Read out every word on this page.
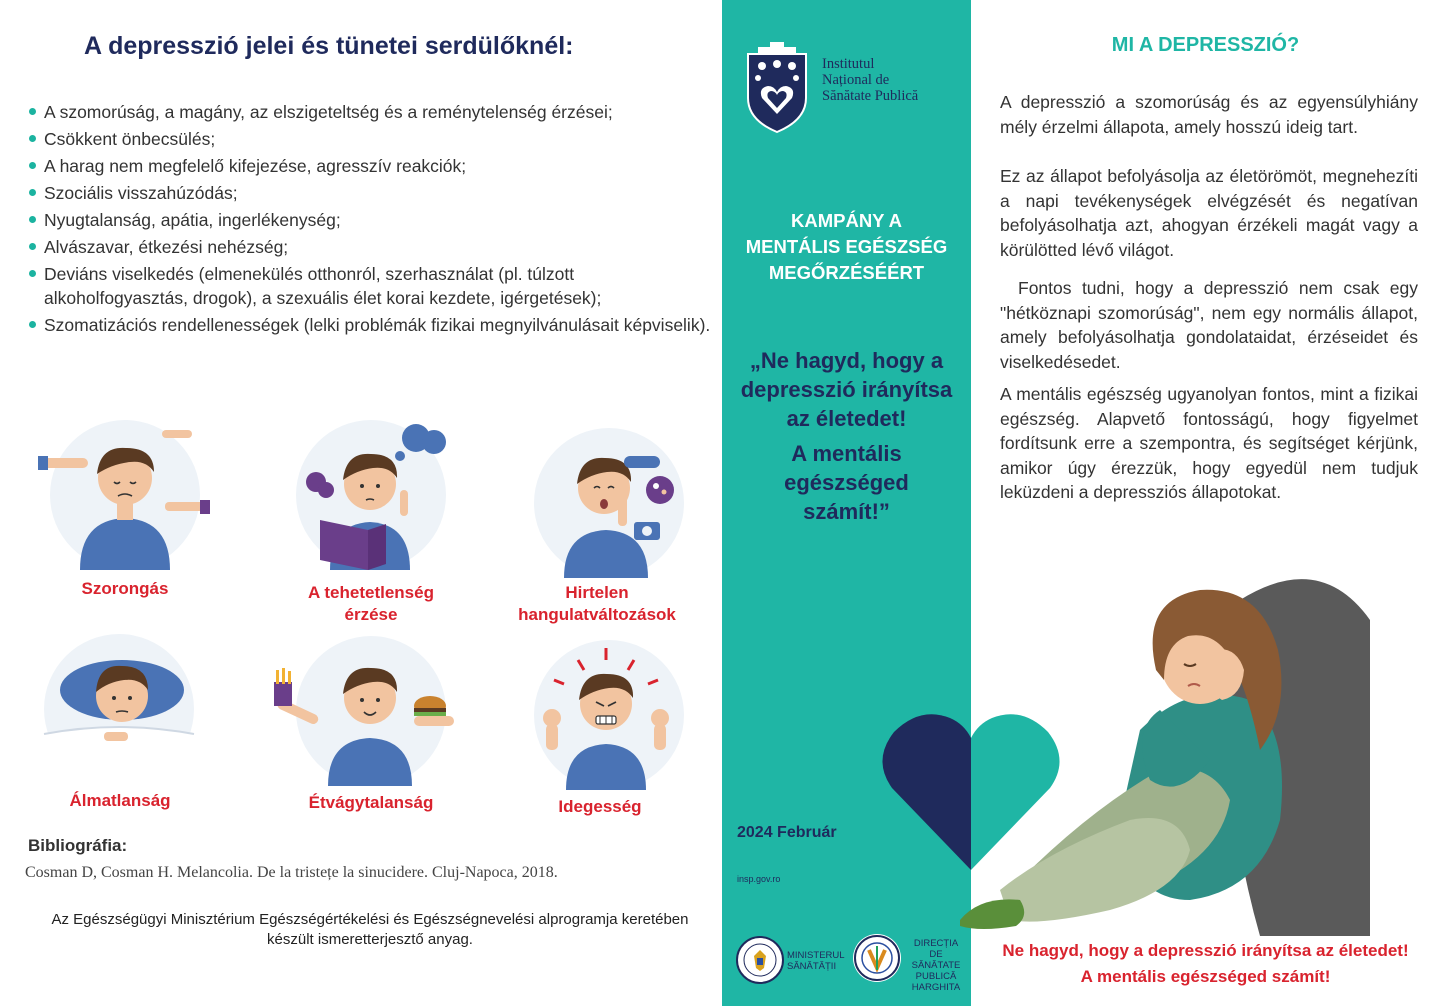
A depresszió jelei és tünetei serdülőknél:
A szomorúság, a magány, az elszigeteltség és a reménytelenség érzései;
Csökkent önbecsülés;
A harag nem megfelelő kifejezése, agresszív reakciók;
Szociális visszahúzódás;
Nyugtalanság, apátia, ingerlékenység;
Alvászavar, étkezési nehézség;
Deviáns viselkedés (elmenekülés otthonról, szerhasználat (pl. túlzott alkoholfogyasztás, drogok), a szexuális élet korai kezdete, igérgetések);
Szomatizációs rendellenességek (lelki problémák fizikai megnyilvánulásait képviselik).
Szorongás	A tehetetlenség érzése
Hirtelen hangulatváltozások
Álmatlanság	Étvágytalanság	Idegesség
Bibliográfia:
Cosman D, Cosman H. Melancolia. De la tristețe la sinucidere. Cluj-Napoca, 2018.
Az Egészségügyi Minisztérium Egészségértékelési és Egészségnevelési alprogramja keretében készült ismeretterjesztő anyag.
Institutul
Național de
Sănătate Publică
KAMPÁNY A
MENTÁLIS EGÉSZSÉG
MEGŐRZÉSÉÉRT
„Ne hagyd, hogy a
depresszió irányítsa
az életedet!
A mentális
egészséged
számít!”
2024 Február
insp.gov.ro
MINISTERUL
SĂNĂTĂȚII
DIRECȚIA
DE SĂNĂTATE
PUBLICĂ
HARGHITA
MI A DEPRESSZIÓ?

A depresszió a szomorúság és az egyensúlyhiány mély érzelmi állapota, amely hosszú ideig tart.

Ez az állapot befolyásolja az életörömöt, megnehezíti a napi tevékenységek elvégzését és negatívan befolyásolhatja azt, ahogyan érzékeli magát vagy a körülötted lévő világot.

Fontos tudni, hogy a depresszió nem csak egy "hétköznapi szomorúság", nem egy normális állapot, amely befolyásolhatja gondolataidat, érzéseidet és viselkedésedet.

A mentális egészség ugyanolyan fontos, mint a fizikai egészség. Alapvető fontosságú, hogy figyelmet fordítsunk erre a szempontra, és segítséget kérjünk, amikor úgy érezzük, hogy egyedül nem tudjuk leküzdeni a depressziós állapotokat.

Ne hagyd, hogy a depresszió irányítsa az életedet!
A mentális egészséged számít!
